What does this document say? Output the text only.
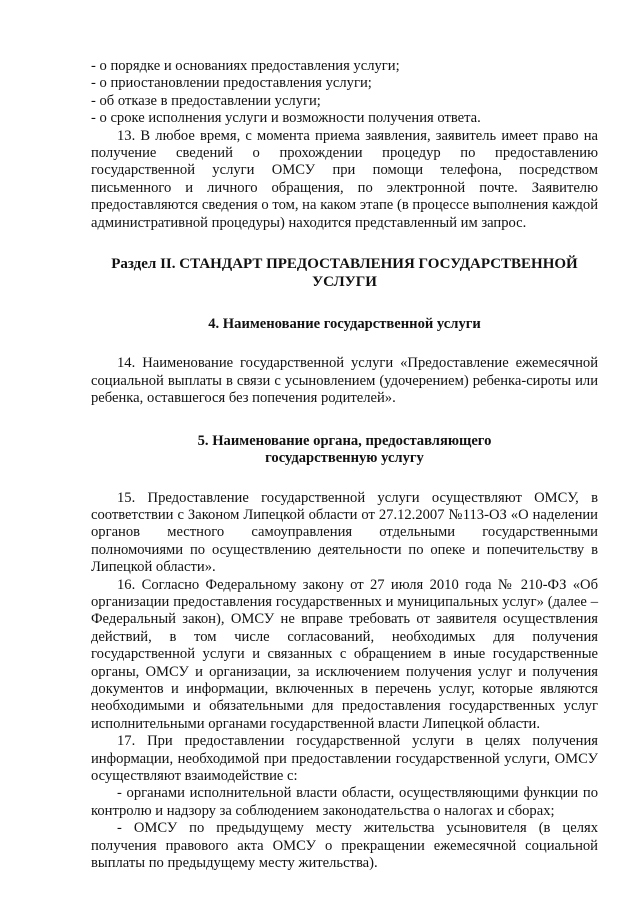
- о порядке и основаниях предоставления услуги;

- о приостановлении предоставления услуги;

- об отказе в предоставлении услуги;

- о сроке исполнения услуги и возможности получения ответа.

13. В любое время, с момента приема заявления, заявитель имеет право на получение сведений о прохождении процедур по предоставлению государственной услуги ОМСУ при помощи телефона, посредством письменного и личного обращения, по электронной почте. Заявителю предоставляются сведения о том, на каком этапе (в процессе выполнения каждой административной процедуры) находится представленный им запрос.

Раздел II. СТАНДАРТ ПРЕДОСТАВЛЕНИЯ ГОСУДАРСТВЕННОЙ УСЛУГИ
4. Наименование государственной услуги

14. Наименование государственной услуги «Предоставление ежемесячной социальной выплаты в связи с усыновлением (удочерением) ребенка-сироты или ребенка, оставшегося без попечения родителей».

5. Наименование органа, предоставляющего
государственную услугу

15. Предоставление государственной услуги осуществляют ОМСУ, в соответствии с Законом Липецкой области от 27.12.2007 №113-ОЗ «О наделении органов местного самоуправления отдельными государственными полномочиями по осуществлению деятельности по опеке и попечительству в Липецкой области».

16. Согласно Федеральному закону от 27 июля 2010 года № 210-ФЗ «Об организации предоставления государственных и муниципальных услуг» (далее – Федеральный закон), ОМСУ не вправе требовать от заявителя осуществления действий, в том числе согласований, необходимых для получения государственной услуги и связанных с обращением в иные государственные органы, ОМСУ и организации, за исключением получения услуг и получения документов и информации, включенных в перечень услуг, которые являются необходимыми и обязательными для предоставления государственных услуг исполнительными органами государственной власти Липецкой области.

17. При предоставлении государственной услуги в целях получения информации, необходимой при предоставлении государственной услуги, ОМСУ осуществляют взаимодействие с:

- органами исполнительной власти области, осуществляющими функции по контролю и надзору за соблюдением законодательства о налогах и сборах;

- ОМСУ по предыдущему месту жительства усыновителя (в целях получения правового акта ОМСУ о прекращении ежемесячной социальной выплаты по предыдущему месту жительства).
